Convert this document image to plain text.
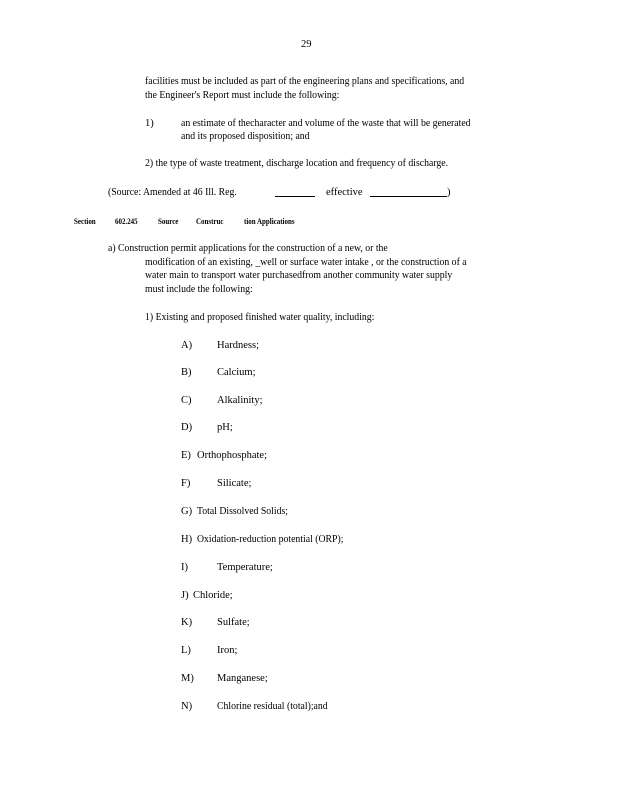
29
facilities must be included as part of the engineering plans and specifications, and
the Engineer's Report must include the following:
1)	an estimate of thecharacter and volume of the waste that will be generated
and its proposed disposition; and
2) the type of waste treatment, discharge location and frequency of discharge.
(Source: Amended at 46 Ill. Reg.	effective	)
Section 602.245 Source Construc tion Applications
a) Construction permit applications for the construction of a new, or the
modification of an existing, _well or surface water intake , or the construction of a
water main to transport water purchasedfrom another community water supply
must include the following:
1) Existing and proposed finished water quality, including:
A) Hardness;
B) Calcium;
C) Alkalinity;
D) pH;
E) Orthophosphate;
F)	Silicate;
G) Total Dissolved Solids;
H) Oxidation-reduction potential (ORP);
I)	Temperature;
J) Chloride;
K) Sulfate;
L) Iron;
M) Manganese;
N) Chlorine residual (total);and
